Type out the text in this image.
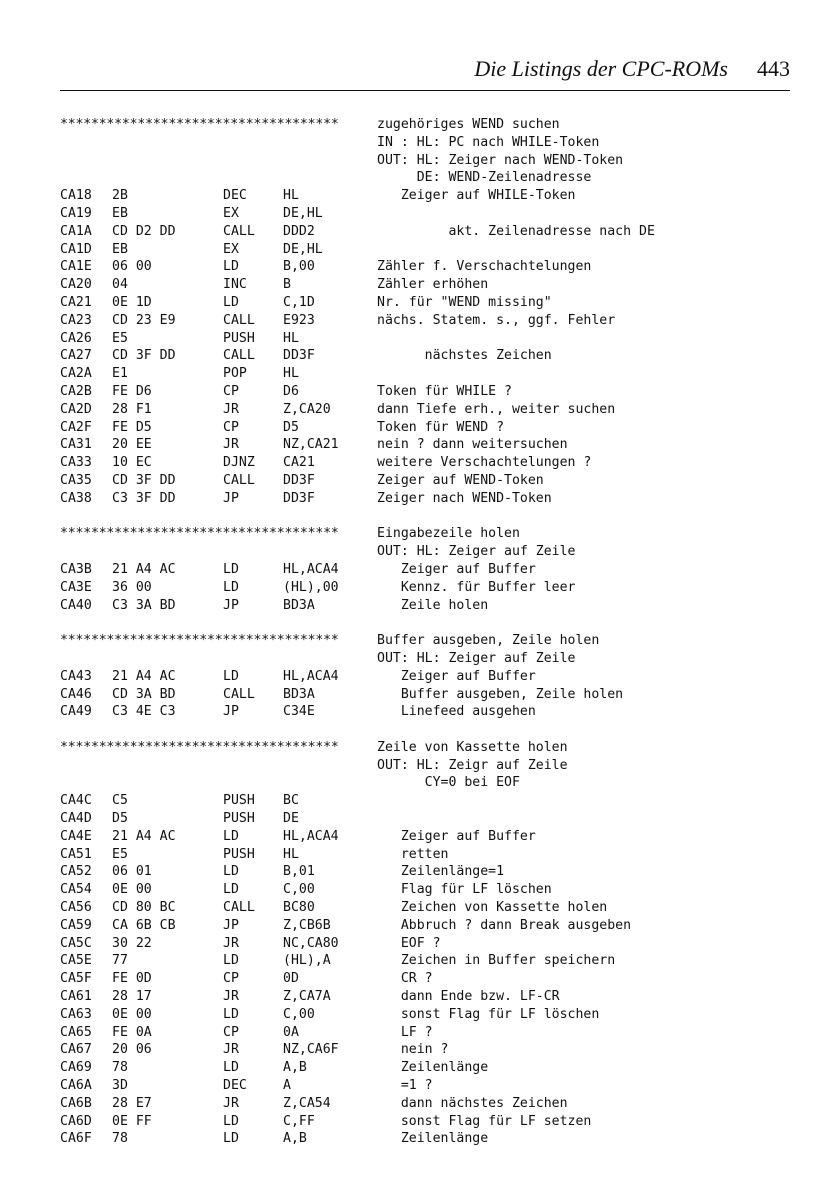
Die Listings der CPC-ROMs 443
************************************	zugehöriges WEND suchen
IN : HL: PC nach WHILE-Token
OUT: HL: Zeiger nach WEND-Token
DE: WEND-Zeilenadresse
CA18 2B	DEC	HL	Zeiger auf WHILE-Token
CA19 EB	EX	DE,HL
CA1A CD D2 DD	CALL DDD2	akt. Zeilenadresse nach DE
CA1D EB	EX	DE,HL
CA1E 06 00	LD	B,00	Zähler f. Verschachtelungen
CA20 04	INC	B	Zähler erhöhen
CA21 0E 1D	LD	C,1D	Nr. für "WEND missing"
CA23 CD 23 E9	CALL E923	nächs. Statem. s., ggf. Fehler
CA26 E5	PUSH HL
CA27 CD 3F DD	CALL DD3F	nächstes Zeichen
CA2A E1	POP	HL
CA2B FE D6	CP	D6	Token für WHILE ?
CA2D 28 F1	JR	Z,CA20	dann Tiefe erh., weiter suchen
CA2F FE D5	CP	D5	Token für WEND ?
CA31 20 EE	JR	NZ,CA21	nein ? dann weitersuchen
CA33 10 EC	DJNZ CA21	weitere Verschachtelungen ?
CA35 CD 3F DD	CALL DD3F	Zeiger auf WEND-Token
CA38 C3 3F DD	JP	DD3F	Zeiger nach WEND-Token
************************************	Eingabezeile holen
OUT: HL: Zeiger auf Zeile
CA3B 21 A4 AC	LD	HL,ACA4	Zeiger auf Buffer
CA3E 36 00	LD	(HL),00	Kennz. für Buffer leer
CA40 C3 3A BD	JP	BD3A	Zeile holen
************************************	Buffer ausgeben, Zeile holen
OUT: HL: Zeiger auf Zeile
CA43 21 A4 AC	LD	HL,ACA4	Zeiger auf Buffer
CA46 CD 3A BD	CALL BD3A	Buffer ausgeben, Zeile holen
CA49 C3 4E C3	JP	C34E	Linefeed ausgehen
************************************	Zeile von Kassette holen
OUT: HL: Zeigr auf Zeile
CY=0 bei EOF
CA4C C5	PUSH BC
CA4D D5	PUSH DE
CA4E 21 A4 AC	LD	HL,ACA4	Zeiger auf Buffer
CA51 E5	PUSH HL	retten
CA52 06 01	LD	B,01	Zeilenlänge=1
CA54 0E 00	LD	C,00	Flag für LF löschen
CA56 CD 80 BC	CALL BC80	Zeichen von Kassette holen
CA59 CA 6B CB	JP	Z,CB6B	Abbruch ? dann Break ausgeben
CA5C 30 22	JR	NC,CA80	EOF ?
CA5E 77	LD	(HL),A	Zeichen in Buffer speichern
CA5F FE 0D	CP	0D	CR ?
CA61 28 17	JR	Z,CA7A	dann Ende bzw. LF-CR
CA63 0E 00	LD	C,00	sonst Flag für LF löschen
CA65 FE 0A	CP	0A	LF ?
CA67 20 06	JR	NZ,CA6F	nein ?
CA69 78	LD	A,B	Zeilenlänge
CA6A 3D	DEC	A	=1 ?
CA6B 28 E7	JR	Z,CA54	dann nächstes Zeichen
CA6D 0E FF	LD	C,FF	sonst Flag für LF setzen
CA6F 78	LD	A,B	Zeilenlänge
